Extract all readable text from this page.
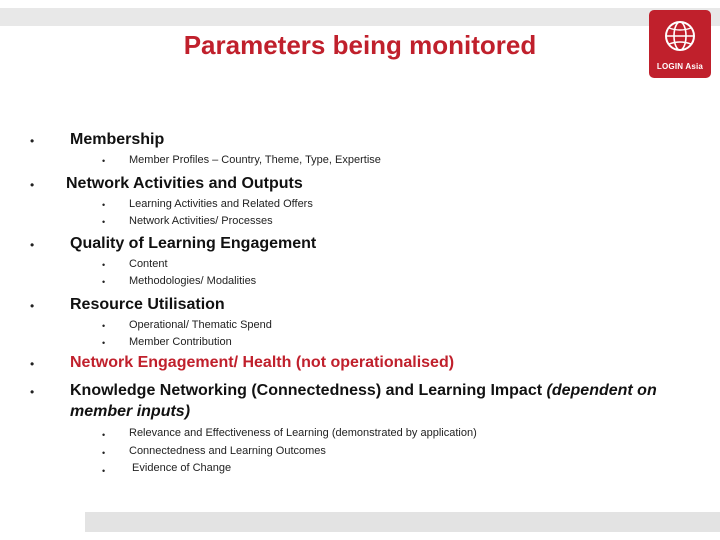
Parameters being monitored
LOGIN Asia
• Membership
• Member Profiles – Country, Theme, Type, Expertise
• Network Activities and Outputs
• Learning Activities and Related Offers
• Network Activities/ Processes
• Quality of Learning Engagement
• Content
• Methodologies/ Modalities
• Resource Utilisation
• Operational/ Thematic Spend
• Member Contribution
• Network Engagement/ Health (not operationalised)
• Knowledge Networking (Connectedness) and Learning Impact (dependent on
member inputs)
• Relevance and Effectiveness of Learning (demonstrated by application)
• Connectedness and Learning Outcomes
• Evidence of Change
